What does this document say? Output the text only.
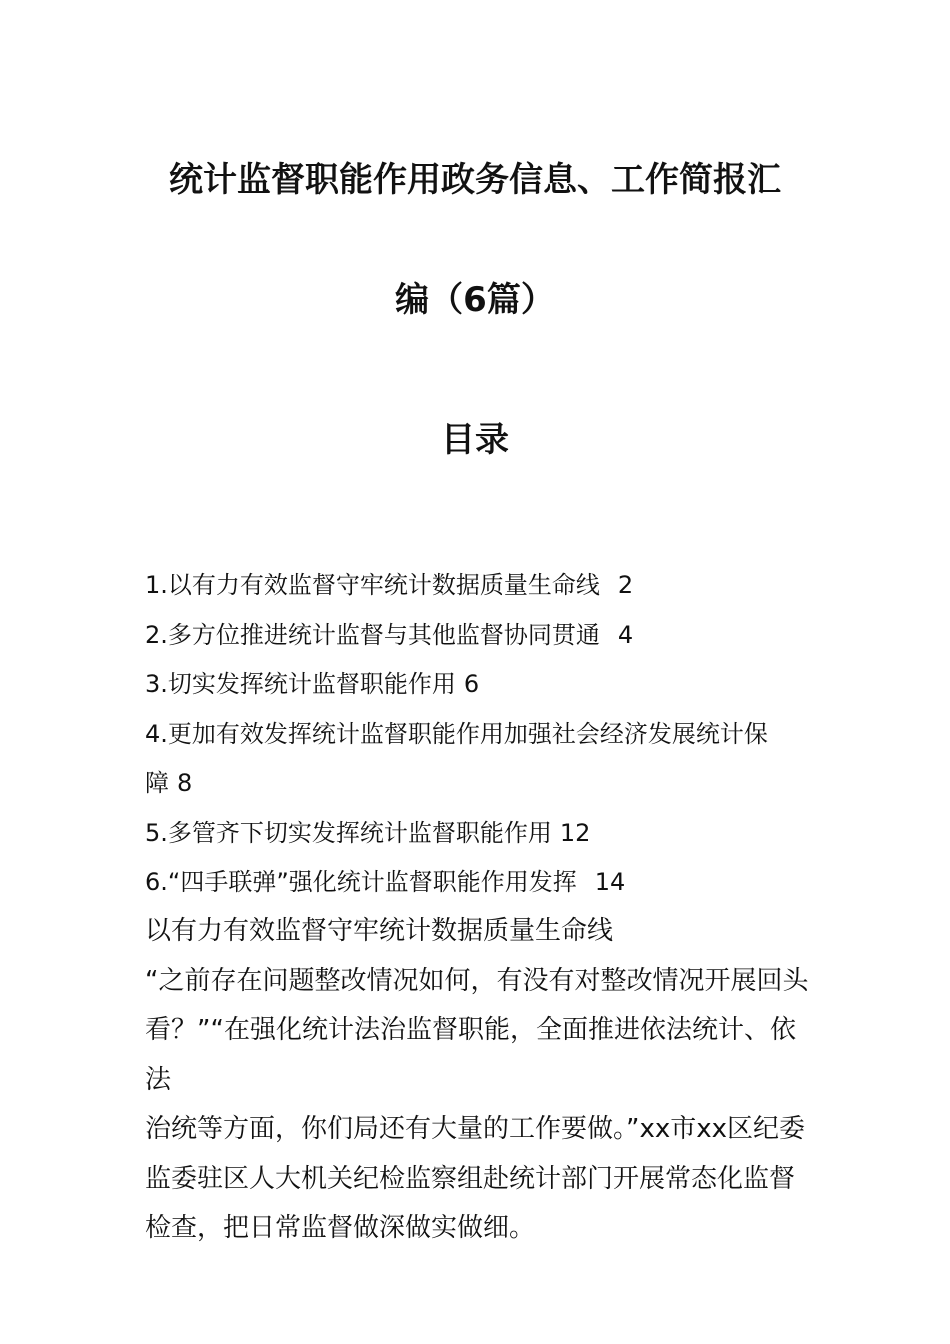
统计监督职能作用政务信息、工作简报汇
编（6篇）
目录
1.以有力有效监督守牢统计数据质量生命线 2
2.多方位推进统计监督与其他监督协同贯通 4
3.切实发挥统计监督职能作用 6
4.更加有效发挥统计监督职能作用加强社会经济发展统计保
障 8
5.多管齐下切实发挥统计监督职能作用 12
6.“四手联弹”强化统计监督职能作用发挥 14

以有力有效监督守牢统计数据质量生命线

“之前存在问题整改情况如何，有没有对整改情况开展回头

看？”“在强化统计法治监督职能，全面推进依法统计、依法

治统等方面，你们局还有大量的工作要做。”xx市xx区纪委

监委驻区人大机关纪检监察组赴统计部门开展常态化监督

检查，把日常监督做深做实做细。
